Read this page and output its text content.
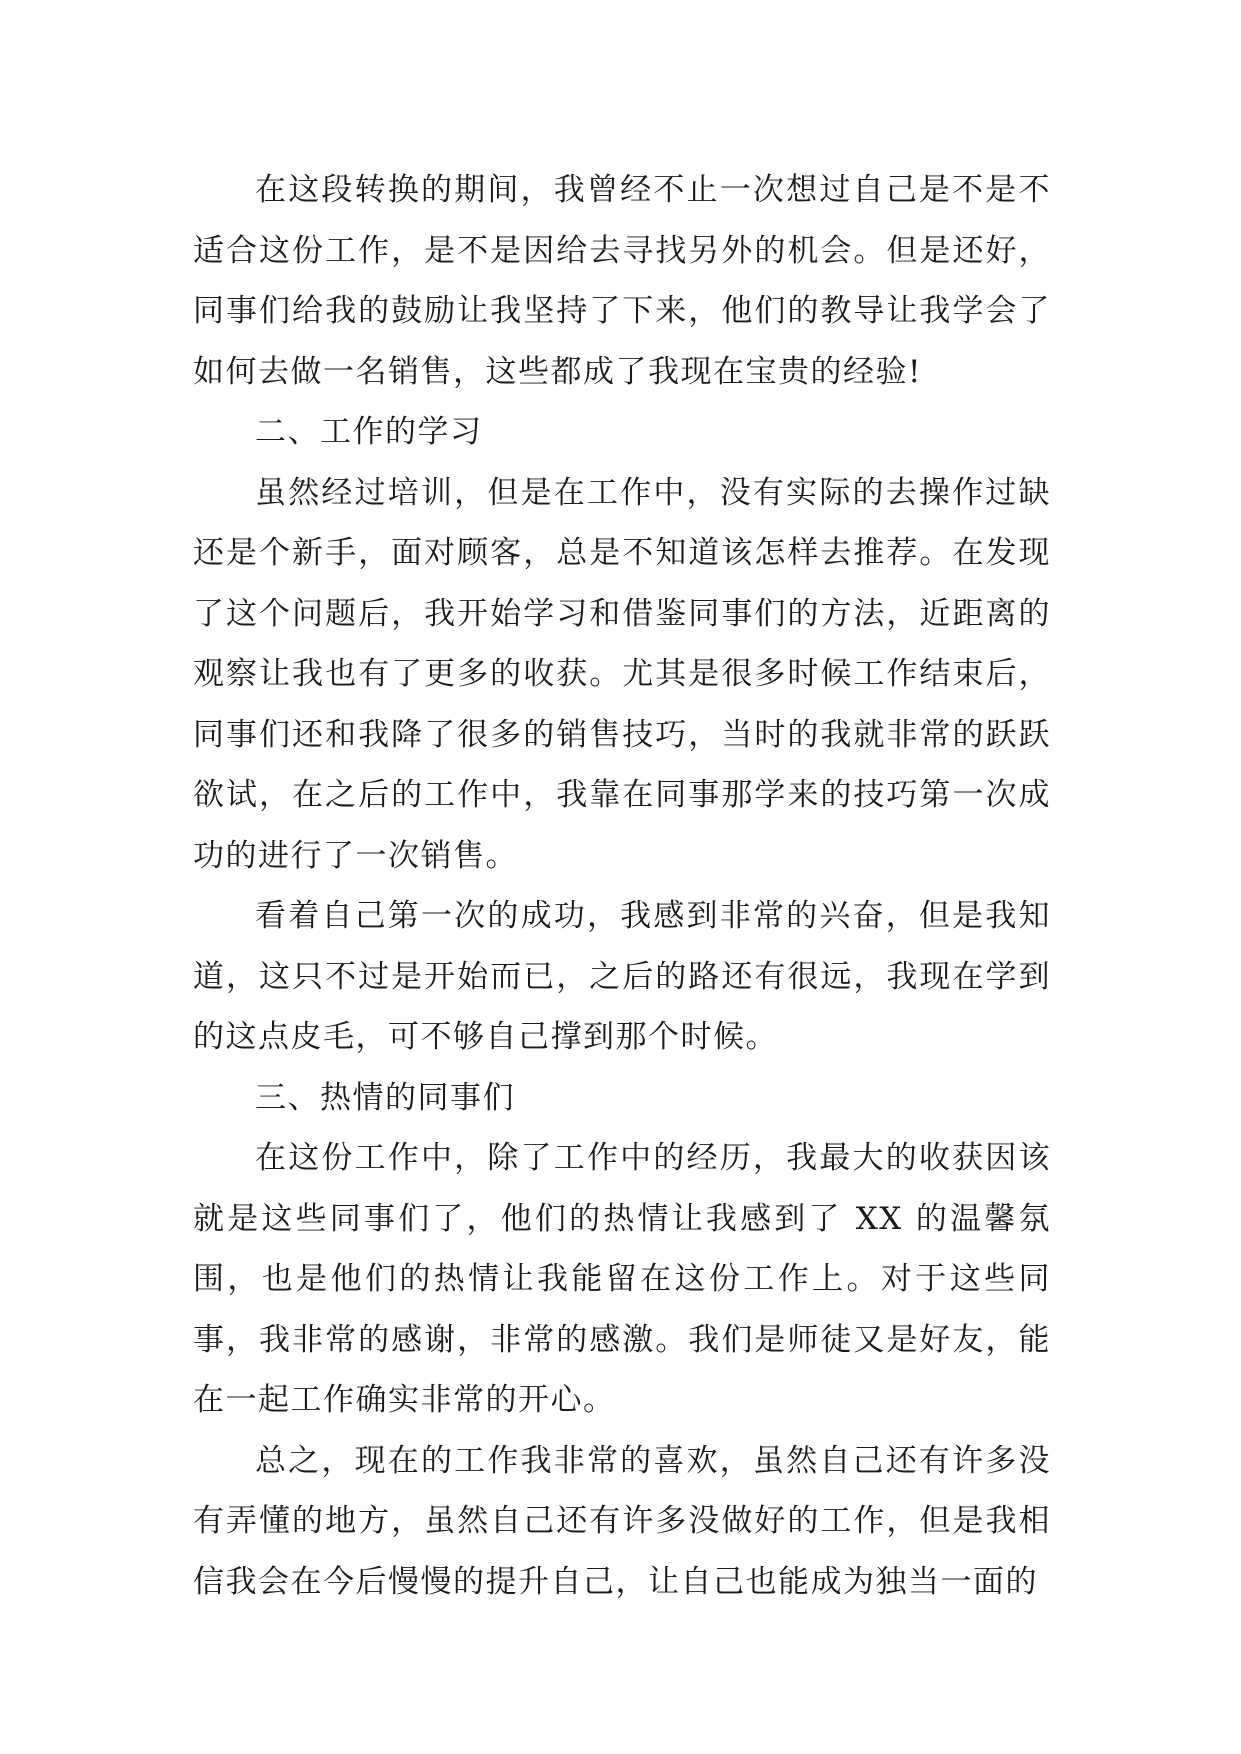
在这段转换的期间，我曾经不止一次想过自己是不是不适合这份工作，是不是因给去寻找另外的机会。但是还好，同事们给我的鼓励让我坚持了下来，他们的教导让我学会了如何去做一名销售，这些都成了我现在宝贵的经验!

二、工作的学习

虽然经过培训，但是在工作中，没有实际的去操作过缺还是个新手，面对顾客，总是不知道该怎样去推荐。在发现了这个问题后，我开始学习和借鉴同事们的方法，近距离的观察让我也有了更多的收获。尤其是很多时候工作结束后，同事们还和我降了很多的销售技巧，当时的我就非常的跃跃欲试，在之后的工作中，我靠在同事那学来的技巧第一次成功的进行了一次销售。

看着自己第一次的成功，我感到非常的兴奋，但是我知道，这只不过是开始而已，之后的路还有很远，我现在学到的这点皮毛，可不够自己撑到那个时候。

三、热情的同事们

在这份工作中，除了工作中的经历，我最大的收获因该就是这些同事们了，他们的热情让我感到了 XX 的温馨氛围，也是他们的热情让我能留在这份工作上。对于这些同事，我非常的感谢，非常的感激。我们是师徒又是好友，能在一起工作确实非常的开心。

总之，现在的工作我非常的喜欢，虽然自己还有许多没有弄懂的地方，虽然自己还有许多没做好的工作，但是我相信我会在今后慢慢的提升自己，让自己也能成为独当一面的
